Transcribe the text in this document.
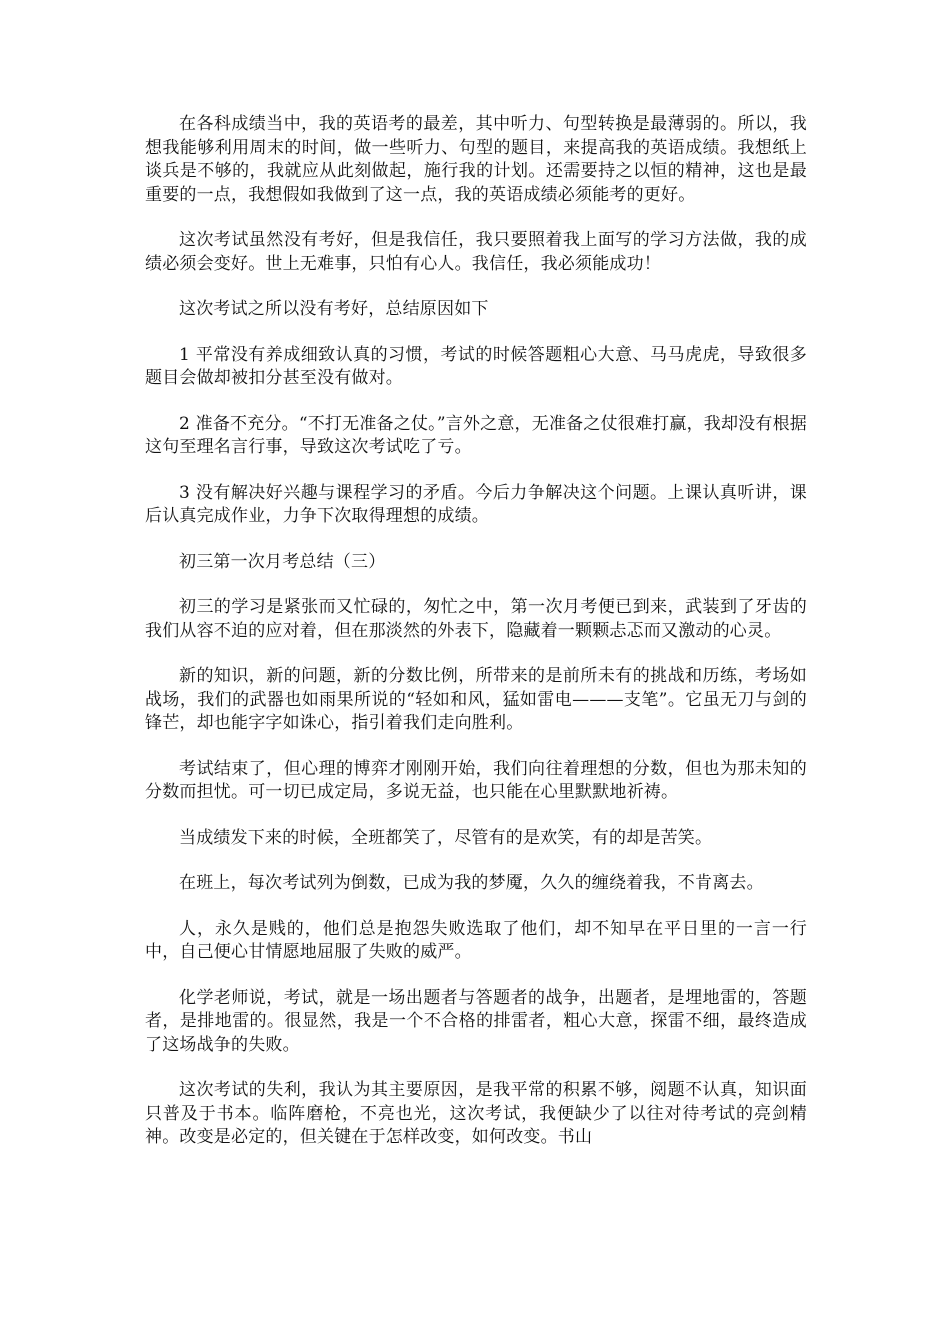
在各科成绩当中，我的英语考的最差，其中听力、句型转换是最薄弱的。所以，我想我能够利用周末的时间，做一些听力、句型的题目，来提高我的英语成绩。我想纸上谈兵是不够的，我就应从此刻做起，施行我的计划。还需要持之以恒的精神，这也是最重要的一点，我想假如我做到了这一点，我的英语成绩必须能考的更好。

这次考试虽然没有考好，但是我信任，我只要照着我上面写的学习方法做，我的成绩必须会变好。世上无难事，只怕有心人。我信任，我必须能成功！

这次考试之所以没有考好，总结原因如下

1 平常没有养成细致认真的习惯，考试的时候答题粗心大意、马马虎虎，导致很多题目会做却被扣分甚至没有做对。

2 准备不充分。“不打无准备之仗。”言外之意，无准备之仗很难打赢，我却没有根据这句至理名言行事，导致这次考试吃了亏。

3 没有解决好兴趣与课程学习的矛盾。今后力争解决这个问题。上课认真听讲，课后认真完成作业，力争下次取得理想的成绩。

初三第一次月考总结（三）

初三的学习是紧张而又忙碌的，匆忙之中，第一次月考便已到来，武装到了牙齿的我们从容不迫的应对着，但在那淡然的外表下，隐藏着一颗颗忐忑而又激动的心灵。

新的知识，新的问题，新的分数比例，所带来的是前所未有的挑战和历练，考场如战场，我们的武器也如雨果所说的“轻如和风，猛如雷电———支笔”。它虽无刀与剑的锋芒，却也能字字如诛心，指引着我们走向胜利。

考试结束了，但心理的博弈才刚刚开始，我们向往着理想的分数，但也为那未知的分数而担忧。可一切已成定局，多说无益，也只能在心里默默地祈祷。

当成绩发下来的时候，全班都笑了，尽管有的是欢笑，有的却是苦笑。

在班上，每次考试列为倒数，已成为我的梦魇，久久的缠绕着我，不肯离去。

人，永久是贱的，他们总是抱怨失败选取了他们，却不知早在平日里的一言一行中，自己便心甘情愿地屈服了失败的威严。

化学老师说，考试，就是一场出题者与答题者的战争，出题者，是埋地雷的，答题者，是排地雷的。很显然，我是一个不合格的排雷者，粗心大意，探雷不细，最终造成了这场战争的失败。

这次考试的失利，我认为其主要原因，是我平常的积累不够，阅题不认真，知识面只普及于书本。临阵磨枪，不亮也光，这次考试，我便缺少了以往对待考试的亮剑精神。改变是必定的，但关键在于怎样改变，如何改变。书山
